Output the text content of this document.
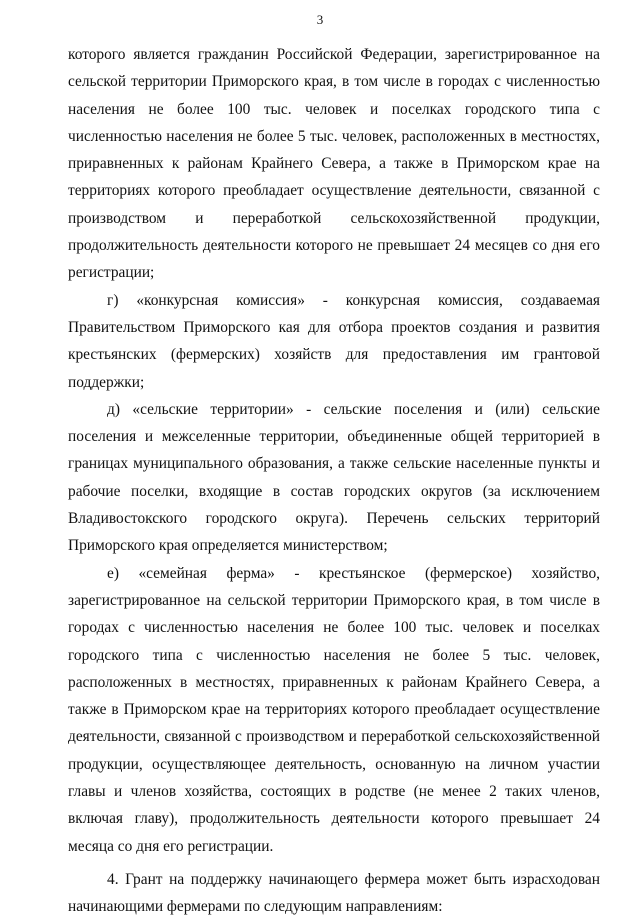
3

которого является гражданин Российской Федерации, зарегистрированное на сельской территории Приморского края, в том числе в городах с численностью населения не более 100 тыс. человек и поселках городского типа с численностью населения не более 5 тыс. человек, расположенных в местностях, приравненных к районам Крайнего Севера, а также в Приморском крае на территориях которого преобладает осуществление деятельности, связанной с производством и переработкой сельскохозяйственной продукции, продолжительность деятельности которого не превышает 24 месяцев со дня его регистрации;

г) «конкурсная комиссия» - конкурсная комиссия, создаваемая Правительством Приморского кая для отбора проектов создания и развития крестьянских (фермерских) хозяйств для предоставления им грантовой поддержки;

д) «сельские территории» - сельские поселения и (или) сельские поселения и межселенные территории, объединенные общей территорией в границах муниципального образования, а также сельские населенные пункты и рабочие поселки, входящие в состав городских округов (за исключением Владивостокского городского округа). Перечень сельских территорий Приморского края определяется министерством;

е) «семейная ферма» - крестьянское (фермерское) хозяйство, зарегистрированное на сельской территории Приморского края, в том числе в городах с численностью населения не более 100 тыс. человек и поселках городского типа с численностью населения не более 5 тыс. человек, расположенных в местностях, приравненных к районам Крайнего Севера, а также в Приморском крае на территориях которого преобладает осуществление деятельности, связанной с производством и переработкой сельскохозяйственной продукции, осуществляющее деятельность, основанную на личном участии главы и членов хозяйства, состоящих в родстве (не менее 2 таких членов, включая главу), продолжительность деятельности которого превышает 24 месяца со дня его регистрации.

4. Грант на поддержку начинающего фермера может быть израсходован начинающими фермерами по следующим направлениям:
